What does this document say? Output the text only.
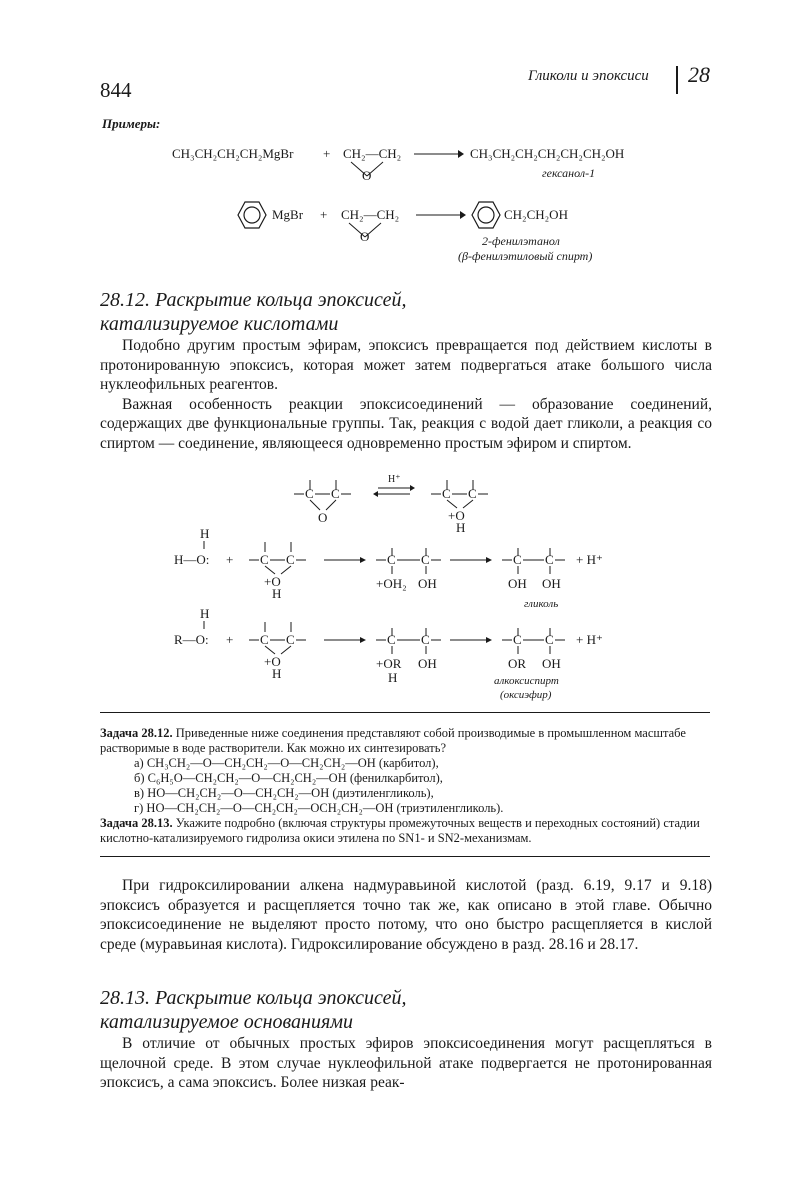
844
Гликоли и эпоксиси 28
Примеры:
CH₃CH₂CH₂CH₂MgBr + CH₂—CH₂
O
→ CH₃CH₂CH₂CH₂CH₂CH₂OH
гексанол-1
MgBr + CH₂—CH₂
O
CH₂CH₂OH
2-фенилэтанол
(β-фенилэтиловый спирт)
28.12. Раскрытие кольца эпоксисей,
катализируемое кислотами

Подобно другим простым эфирам, эпоксисъ превращается под действием кислоты в протонированную эпоксисъ, которая может затем подвергаться атаке большого числа нуклеофильных реагентов.

Важная особенность реакции эпоксисоединений — образование соединений, содержащих две функциональные группы. Так, реакция с водой дает гликоли, а реакция со спиртом — соединение, являющееся одновременно простым эфиром и спиртом.

C C
O
H⁺
C C
+O
H
H
H—O: + C C
+O
H
C C
+OH₂ OH
C C
OH OH
+ H⁺
гликоль
H
R—O: + C C
+O
H
C C
+OR
H
OH
C C
OR OH
+ H⁺
алкоксиспирт
(оксиэфир)

Задача 28.12. Приведенные ниже соединения представляют собой производимые в промышленном масштабе растворимые в воде растворители. Как можно их синтезировать?

а) CH₃CH₂—O—CH₂CH₂—O—CH₂CH₂—OH (карбитол),

б) C₆H₅O—CH₂CH₂—O—CH₂CH₂—OH (фенилкарбитол),

в) HO—CH₂CH₂—O—CH₂CH₂—OH (диэтиленгликоль),

г) HO—CH₂CH₂—O—CH₂CH₂—OCH₂CH₂—OH (триэтиленгликоль).

Задача 28.13. Укажите подробно (включая структуры промежуточных веществ и переходных состояний) стадии кислотно-катализируемого гидролиза окиси этилена по SN1- и SN2-механизмам.

При гидроксилировании алкена надмуравьиной кислотой (разд. 6.19, 9.17 и 9.18) эпоксисъ образуется и расщепляется точно так же, как описано в этой главе. Обычно эпоксисоединение не выделяют просто потому, что оно быстро расщепляется в кислой среде (муравьиная кислота). Гидроксилирование обсуждено в разд. 28.16 и 28.17.

28.13. Раскрытие кольца эпоксисей,
катализируемое основаниями

В отличие от обычных простых эфиров эпоксисоединения могут расщепляться в щелочной среде. В этом случае нуклеофильной атаке подвергается не протонированная эпоксисъ, а сама эпоксисъ. Более низкая реак-
